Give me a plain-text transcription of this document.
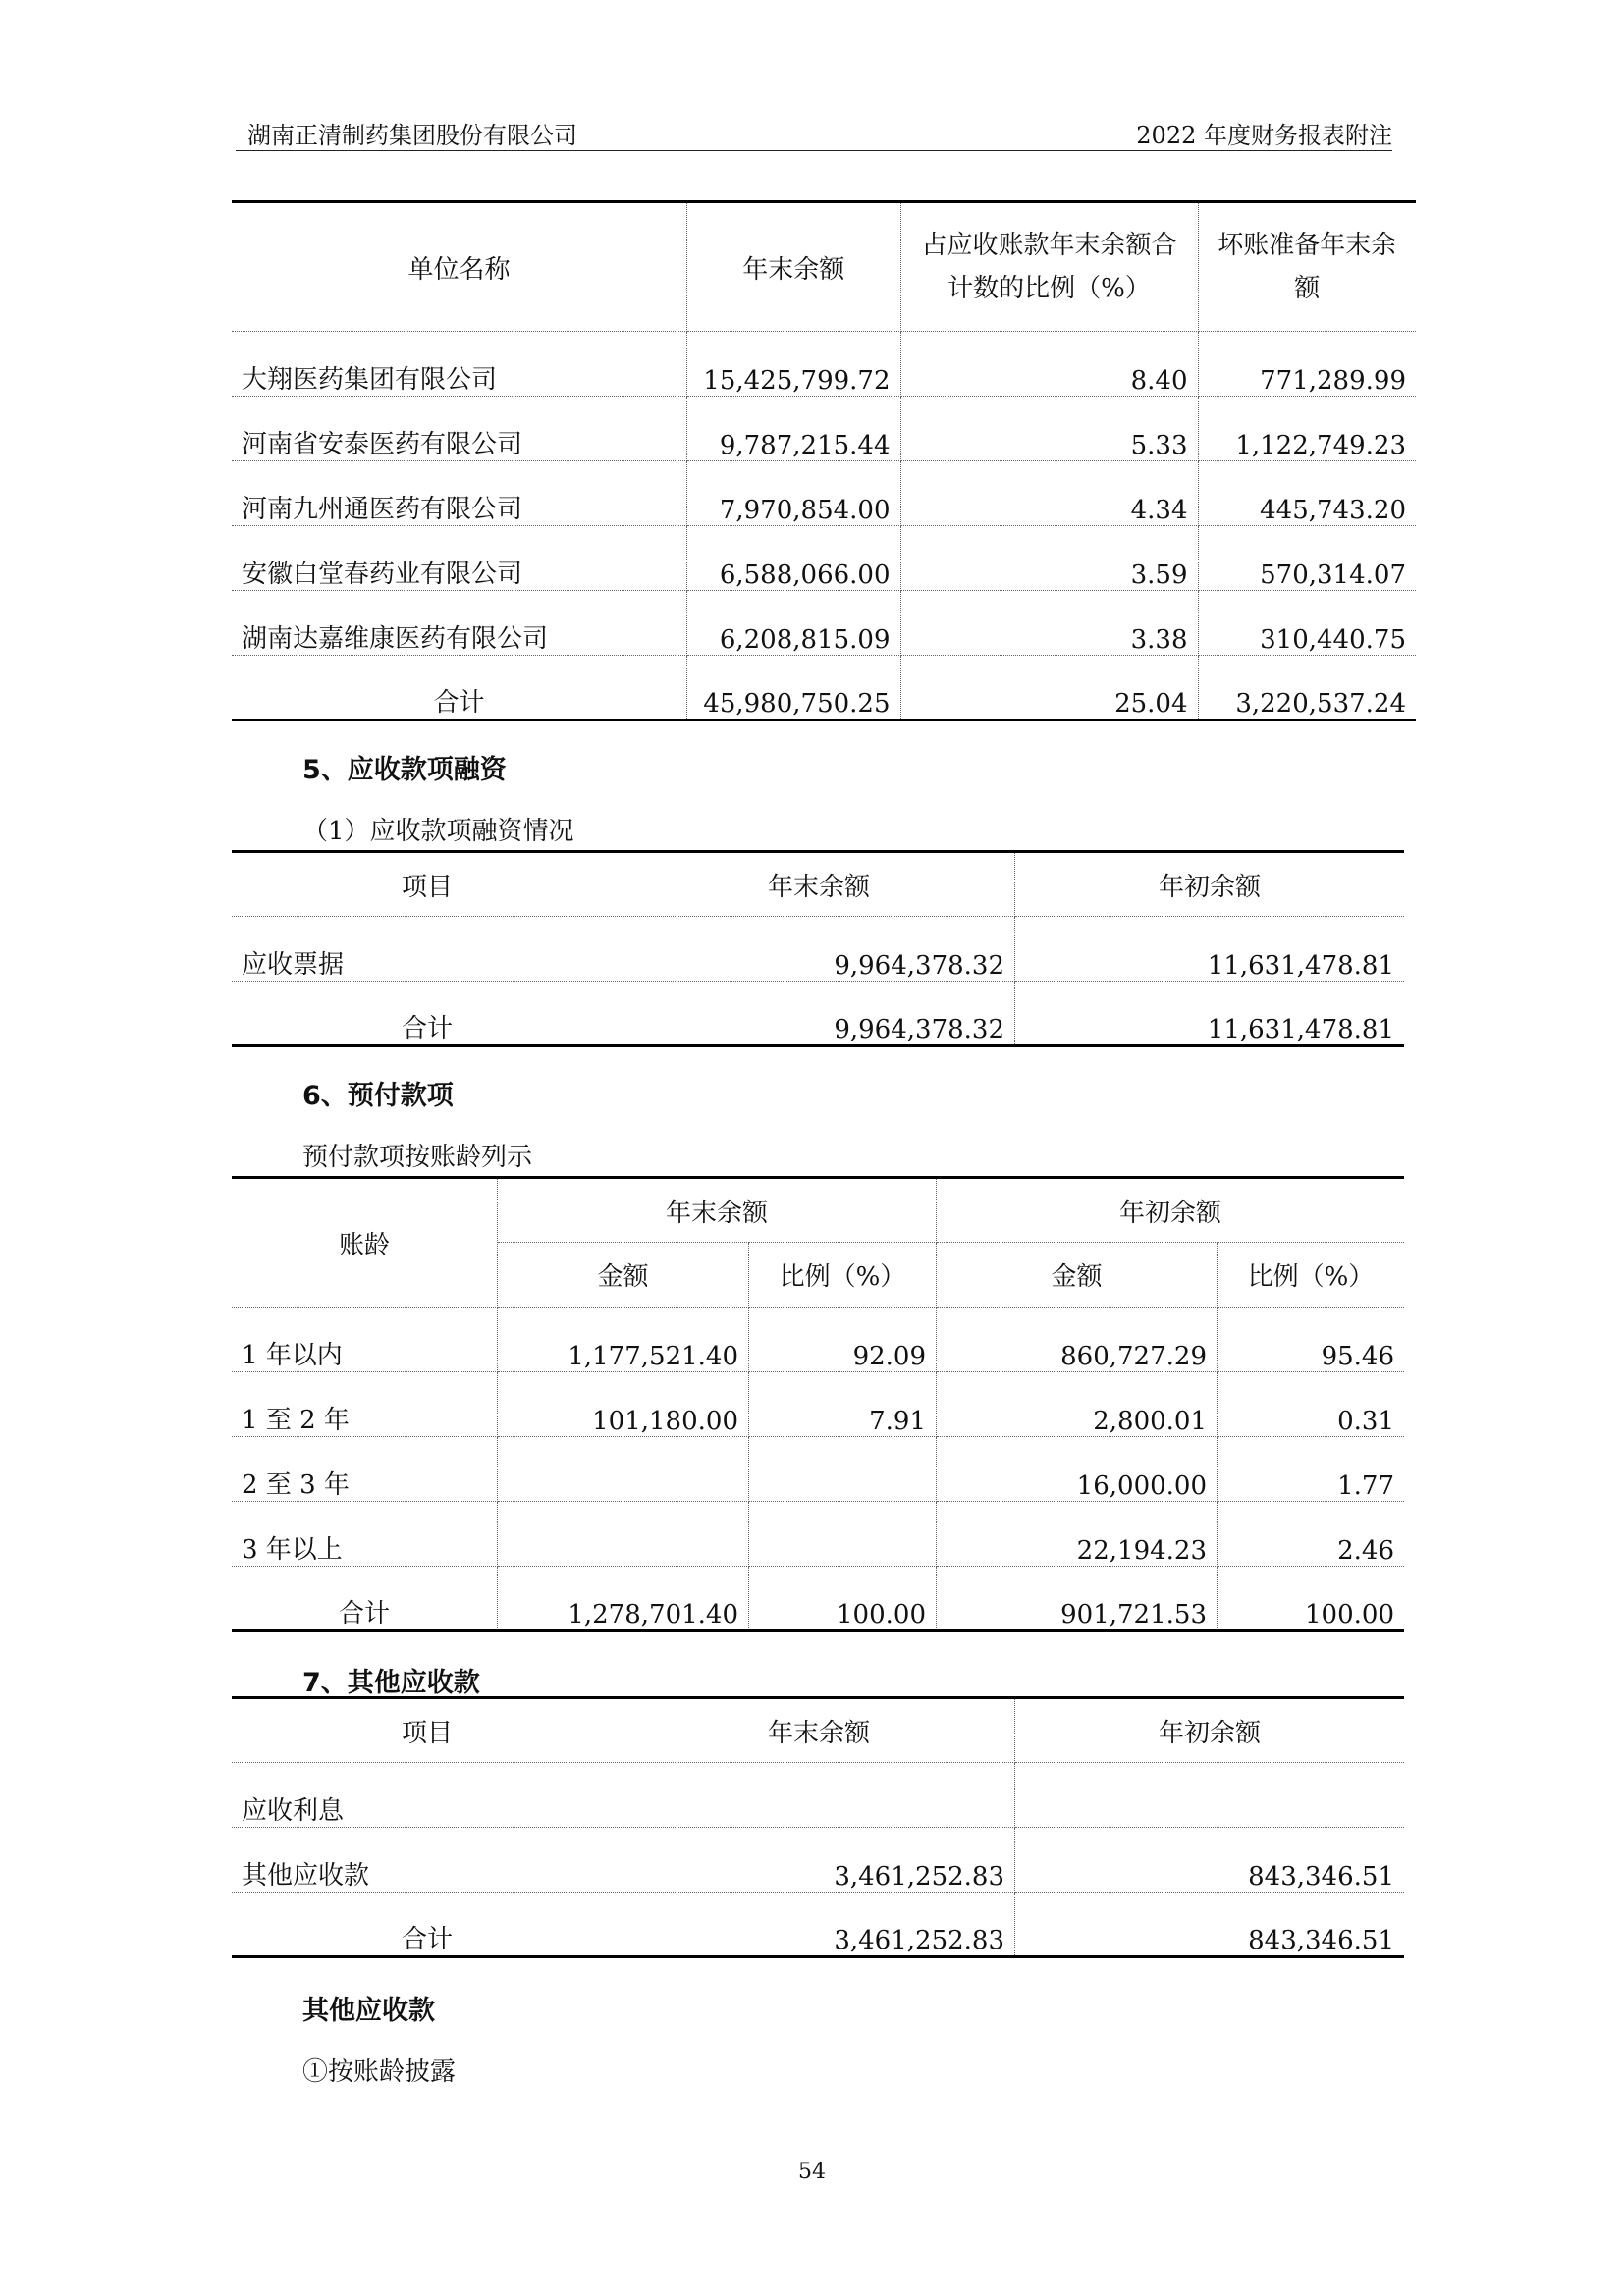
湖南正清制药集团股份有限公司	2022 年度财务报表附注
单位名称	年末余额	占应收账款年末余额合计数的比例（%）	坏账准备年末余额
大翔医药集团有限公司	15,425,799.72	8.40	771,289.99
河南省安泰医药有限公司	9,787,215.44	5.33	1,122,749.23
河南九州通医药有限公司	7,970,854.00	4.34	445,743.20
安徽白堂春药业有限公司	6,588,066.00	3.59	570,314.07
湖南达嘉维康医药有限公司	6,208,815.09	3.38	310,440.75
合计	45,980,750.25	25.04	3,220,537.24
5、应收款项融资
（1）应收款项融资情况
项目	年末余额	年初余额
应收票据	9,964,378.32	11,631,478.81
合计	9,964,378.32	11,631,478.81
6、预付款项
预付款项按账龄列示
账龄	年末余额		年初余额	
	金额	比例（%）	金额	比例（%）
1 年以内	1,177,521.40	92.09	860,727.29	95.46
1 至 2 年	101,180.00	7.91	2,800.01	0.31
2 至 3 年			16,000.00	1.77
3 年以上			22,194.23	2.46
合计	1,278,701.40	100.00	901,721.53	100.00
7、其他应收款
项目	年末余额	年初余额
应收利息		
其他应收款	3,461,252.83	843,346.51
合计	3,461,252.83	843,346.51
其他应收款
①按账龄披露
54
